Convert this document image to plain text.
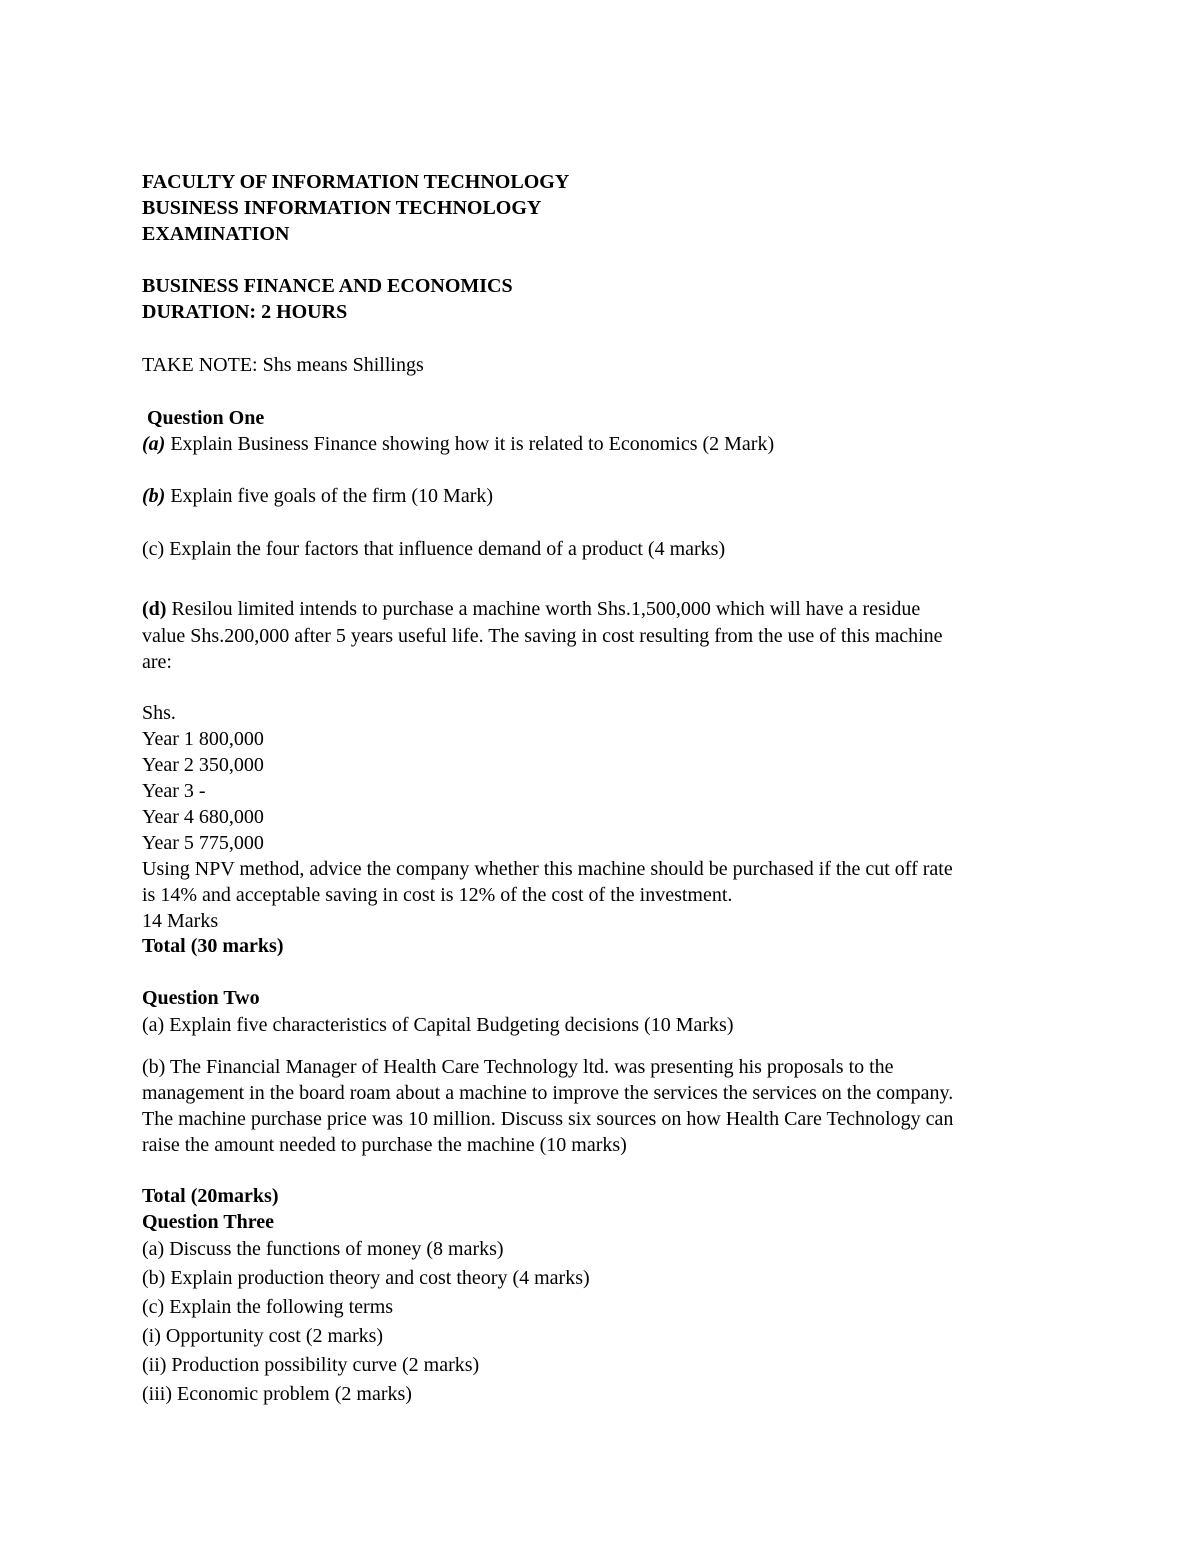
FACULTY OF INFORMATION TECHNOLOGY
BUSINESS INFORMATION TECHNOLOGY
EXAMINATION
BUSINESS FINANCE AND ECONOMICS
DURATION: 2 HOURS
TAKE NOTE: Shs means Shillings
Question One
(a) Explain Business Finance showing how it is related to Economics (2 Mark)
(b) Explain five goals of the firm (10 Mark)
(c) Explain the four factors that influence demand of a product (4 marks)
(d) Resilou limited intends to purchase a machine worth Shs.1,500,000 which will have a residue
value Shs.200,000 after 5 years useful life. The saving in cost resulting from the use of this machine
are:
Shs.
Year 1 800,000
Year 2 350,000
Year 3 -
Year 4 680,000
Year 5 775,000
Using NPV method, advice the company whether this machine should be purchased if the cut off rate
is 14% and acceptable saving in cost is 12% of the cost of the investment.
14 Marks
Total (30 marks)
Question Two
(a) Explain five characteristics of Capital Budgeting decisions (10 Marks)
(b) The Financial Manager of Health Care Technology ltd. was presenting his proposals to the
management in the board roam about a machine to improve the services the services on the company.
The machine purchase price was 10 million. Discuss six sources on how Health Care Technology can
raise the amount needed to purchase the machine (10 marks)
Total (20marks)
Question Three
(a) Discuss the functions of money (8 marks)
(b) Explain production theory and cost theory (4 marks)
(c) Explain the following terms
(i) Opportunity cost (2 marks)
(ii) Production possibility curve (2 marks)
(iii) Economic problem (2 marks)
